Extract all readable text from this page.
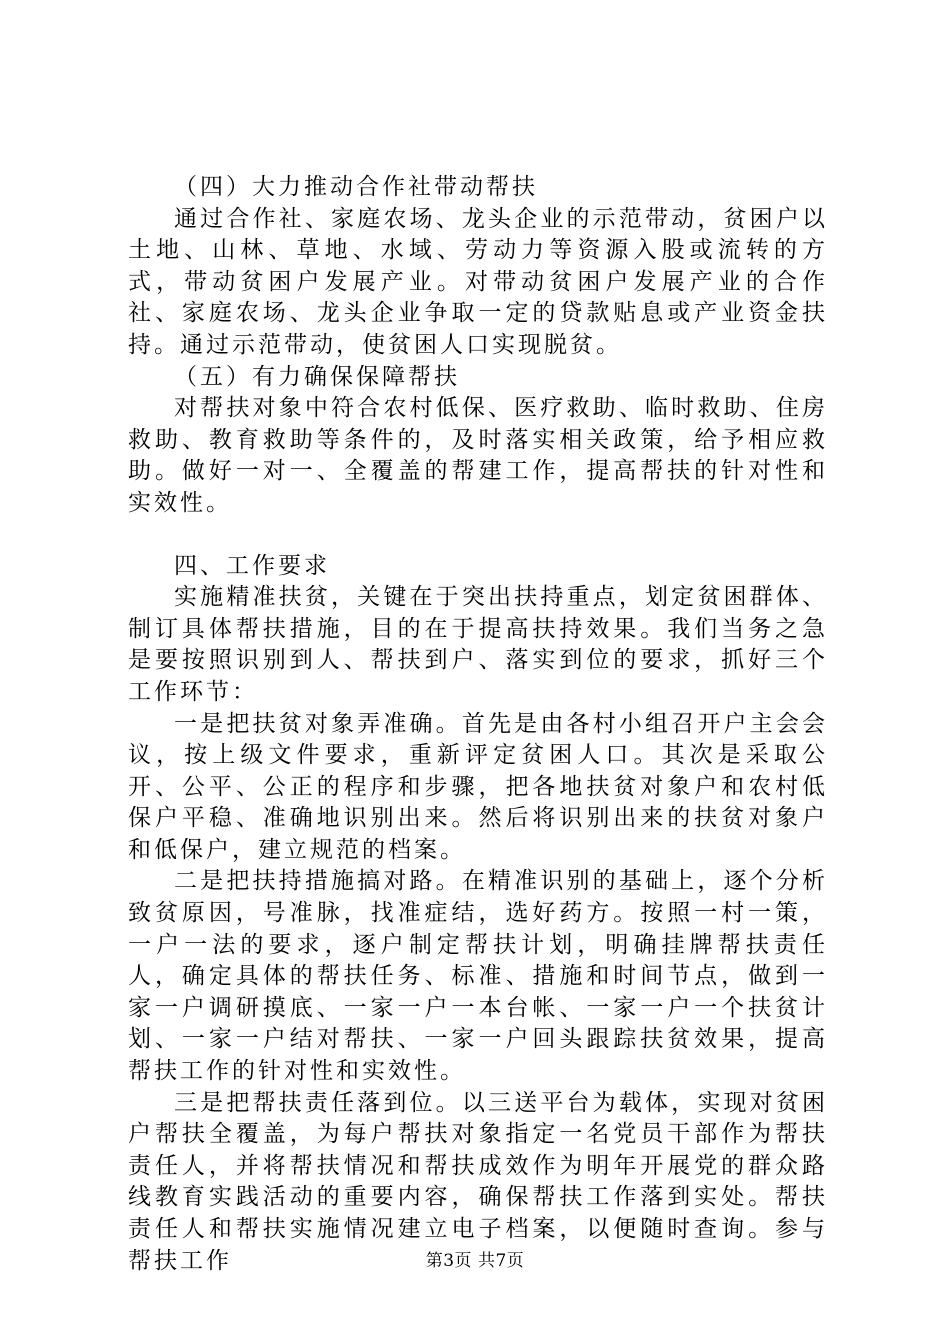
（四）大力推动合作社带动帮扶

通过合作社、家庭农场、龙头企业的示范带动，贫困户以土地、山林、草地、水域、劳动力等资源入股或流转的方式，带动贫困户发展产业。对带动贫困户发展产业的合作社、家庭农场、龙头企业争取一定的贷款贴息或产业资金扶持。通过示范带动，使贫困人口实现脱贫。

（五）有力确保保障帮扶

对帮扶对象中符合农村低保、医疗救助、临时救助、住房救助、教育救助等条件的，及时落实相关政策，给予相应救助。做好一对一、全覆盖的帮建工作，提高帮扶的针对性和实效性。

四、工作要求

实施精准扶贫，关键在于突出扶持重点，划定贫困群体、制订具体帮扶措施，目的在于提高扶持效果。我们当务之急是要按照识别到人、帮扶到户、落实到位的要求，抓好三个工作环节：

一是把扶贫对象弄准确。首先是由各村小组召开户主会会议，按上级文件要求，重新评定贫困人口。其次是采取公开、公平、公正的程序和步骤，把各地扶贫对象户和农村低保户平稳、准确地识别出来。然后将识别出来的扶贫对象户和低保户，建立规范的档案。

二是把扶持措施搞对路。在精准识别的基础上，逐个分析致贫原因，号准脉，找准症结，选好药方。按照一村一策，一户一法的要求，逐户制定帮扶计划，明确挂牌帮扶责任人，确定具体的帮扶任务、标准、措施和时间节点，做到一家一户调研摸底、一家一户一本台帐、一家一户一个扶贫计划、一家一户结对帮扶、一家一户回头跟踪扶贫效果，提高帮扶工作的针对性和实效性。

三是把帮扶责任落到位。以三送平台为载体，实现对贫困户帮扶全覆盖，为每户帮扶对象指定一名党员干部作为帮扶责任人，并将帮扶情况和帮扶成效作为明年开展党的群众路线教育实践活动的重要内容，确保帮扶工作落到实处。帮扶责任人和帮扶实施情况建立电子档案，以便随时查询。参与帮扶工作	第3页 共7页
